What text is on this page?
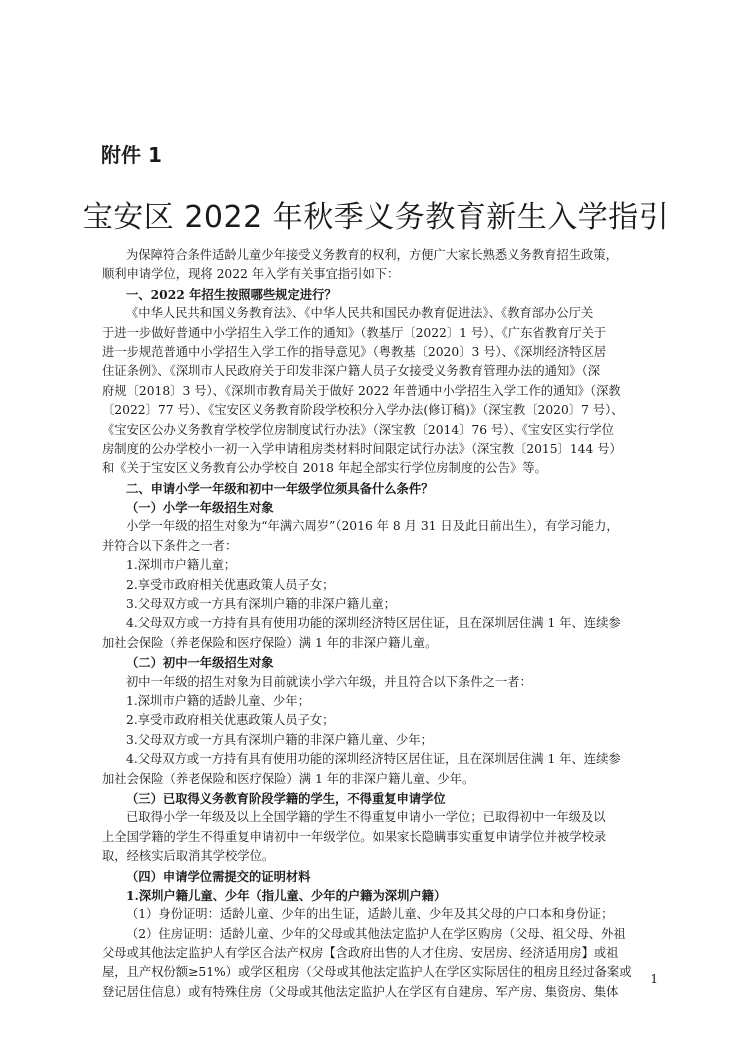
附件 1
宝安区 2022 年秋季义务教育新生入学指引
为保障符合条件适龄儿童少年接受义务教育的权利，方便广大家长熟悉义务教育招生政策，
顺利申请学位，现将 2022 年入学有关事宜指引如下：
一、2022 年招生按照哪些规定进行？
《中华人民共和国义务教育法》、《中华人民共和国民办教育促进法》、《教育部办公厅关
于进一步做好普通中小学招生入学工作的通知》（教基厅〔2022〕1 号）、《广东省教育厅关于
进一步规范普通中小学招生入学工作的指导意见》（粤教基〔2020〕3 号）、《深圳经济特区居
住证条例》、《深圳市人民政府关于印发非深户籍人员子女接受义务教育管理办法的通知》（深
府规〔2018〕3 号）、《深圳市教育局关于做好 2022 年普通中小学招生入学工作的通知》（深教
〔2022〕77 号）、《宝安区义务教育阶段学校积分入学办法(修订稿)》（深宝教〔2020〕7 号）、
《宝安区公办义务教育学校学位房制度试行办法》（深宝教〔2014〕76 号）、《宝安区实行学位
房制度的公办学校小一初一入学申请租房类材料时间限定试行办法》（深宝教〔2015〕144 号）
和《关于宝安区义务教育公办学校自 2018 年起全部实行学位房制度的公告》等。
二、申请小学一年级和初中一年级学位须具备什么条件？
（一）小学一年级招生对象
小学一年级的招生对象为“年满六周岁”（2016 年 8 月 31 日及此日前出生），有学习能力，
并符合以下条件之一者：
1.深圳市户籍儿童；
2.享受市政府相关优惠政策人员子女；
3.父母双方或一方具有深圳户籍的非深户籍儿童；
4.父母双方或一方持有具有使用功能的深圳经济特区居住证，且在深圳居住满 1 年、连续参
加社会保险（养老保险和医疗保险）满 1 年的非深户籍儿童。
（二）初中一年级招生对象
初中一年级的招生对象为目前就读小学六年级，并且符合以下条件之一者：
1.深圳市户籍的适龄儿童、少年；
2.享受市政府相关优惠政策人员子女；
3.父母双方或一方具有深圳户籍的非深户籍儿童、少年；
4.父母双方或一方持有具有使用功能的深圳经济特区居住证，且在深圳居住满 1 年、连续参
加社会保险（养老保险和医疗保险）满 1 年的非深户籍儿童、少年。
（三）已取得义务教育阶段学籍的学生，不得重复申请学位
已取得小学一年级及以上全国学籍的学生不得重复申请小一学位；已取得初中一年级及以
上全国学籍的学生不得重复申请初中一年级学位。如果家长隐瞒事实重复申请学位并被学校录
取，经核实后取消其学校学位。
（四）申请学位需提交的证明材料
1.深圳户籍儿童、少年（指儿童、少年的户籍为深圳户籍）
（1）身份证明：适龄儿童、少年的出生证，适龄儿童、少年及其父母的户口本和身份证；
（2）住房证明：适龄儿童、少年的父母或其他法定监护人在学区购房（父母、祖父母、外祖
父母或其他法定监护人有学区合法产权房【含政府出售的人才住房、安居房、经济适用房】或祖
屋，且产权份额≥51%）或学区租房（父母或其他法定监护人在学区实际居住的租房且经过备案或
登记居住信息）或有特殊住房（父母或其他法定监护人在学区有自建房、军产房、集资房、集体
1
